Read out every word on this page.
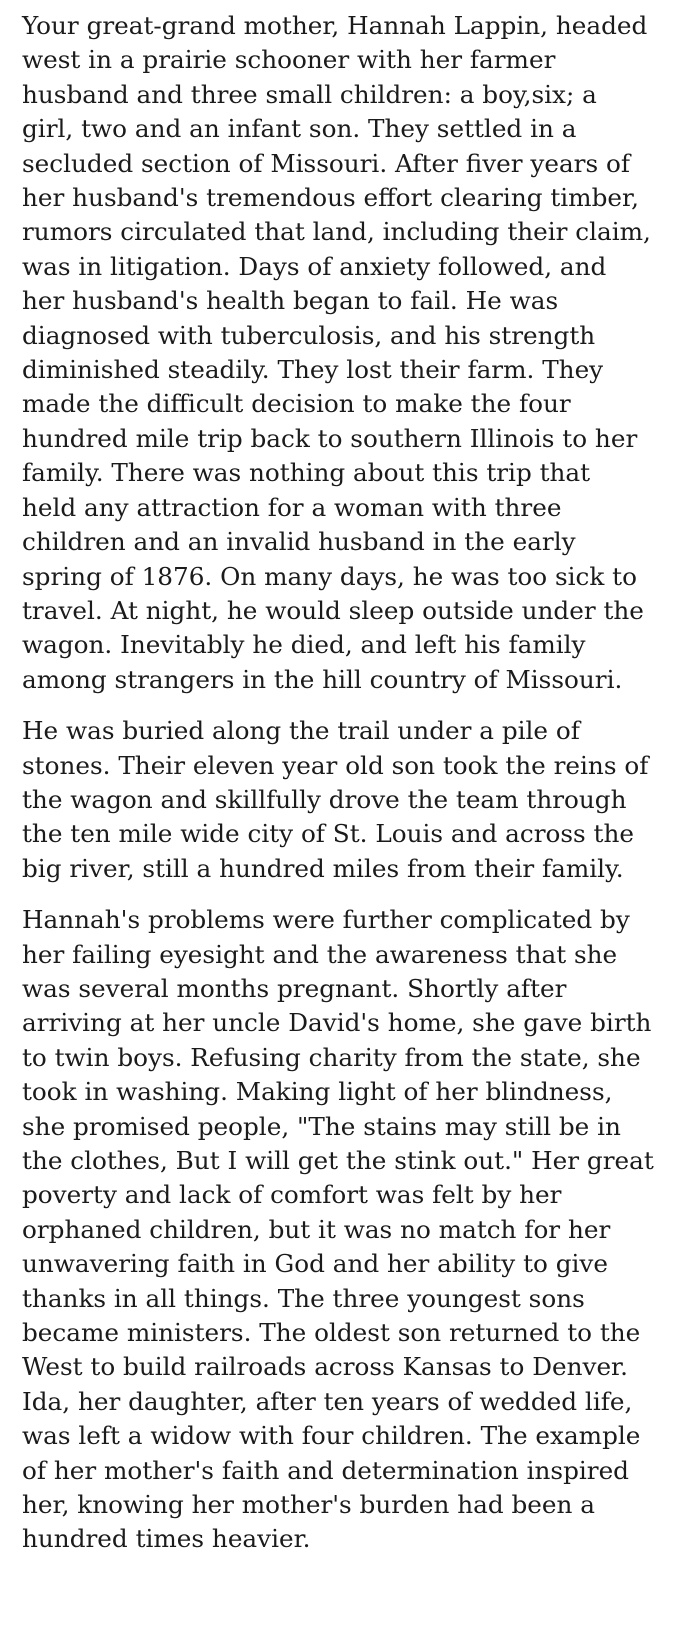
Your great-grand mother, Hannah Lappin, headed
west in a prairie schooner with her farmer
husband and three small children: a boy,six; a
girl, two and an infant son. They settled in a
secluded section of Missouri. After fiver years of
her husband's tremendous effort clearing timber,
rumors circulated that land, including their claim,
was in litigation. Days of anxiety followed, and
her husband's health began to fail. He was
diagnosed with tuberculosis, and his strength
diminished steadily. They lost their farm. They
made the difficult decision to make the four
hundred mile trip back to southern Illinois to her
family. There was nothing about this trip that
held any attraction for a woman with three
children and an invalid husband in the early
spring of 1876. On many days, he was too sick to
travel. At night, he would sleep outside under the
wagon. Inevitably he died, and left his family
among strangers in the hill country of Missouri.

He was buried along the trail under a pile of
stones. Their eleven year old son took the reins of
the wagon and skillfully drove the team through
the ten mile wide city of St. Louis and across the
big river, still a hundred miles from their family.

Hannah's problems were further complicated by
her failing eyesight and the awareness that she
was several months pregnant. Shortly after
arriving at her uncle David's home, she gave birth
to twin boys. Refusing charity from the state, she
took in washing. Making light of her blindness,
she promised people, "The stains may still be in
the clothes, But I will get the stink out." Her great
poverty and lack of comfort was felt by her
orphaned children, but it was no match for her
unwavering faith in God and her ability to give
thanks in all things. The three youngest sons
became ministers. The oldest son returned to the
West to build railroads across Kansas to Denver.
Ida, her daughter, after ten years of wedded life,
was left a widow with four children. The example
of her mother's faith and determination inspired
her, knowing her mother's burden had been a
hundred times heavier.
